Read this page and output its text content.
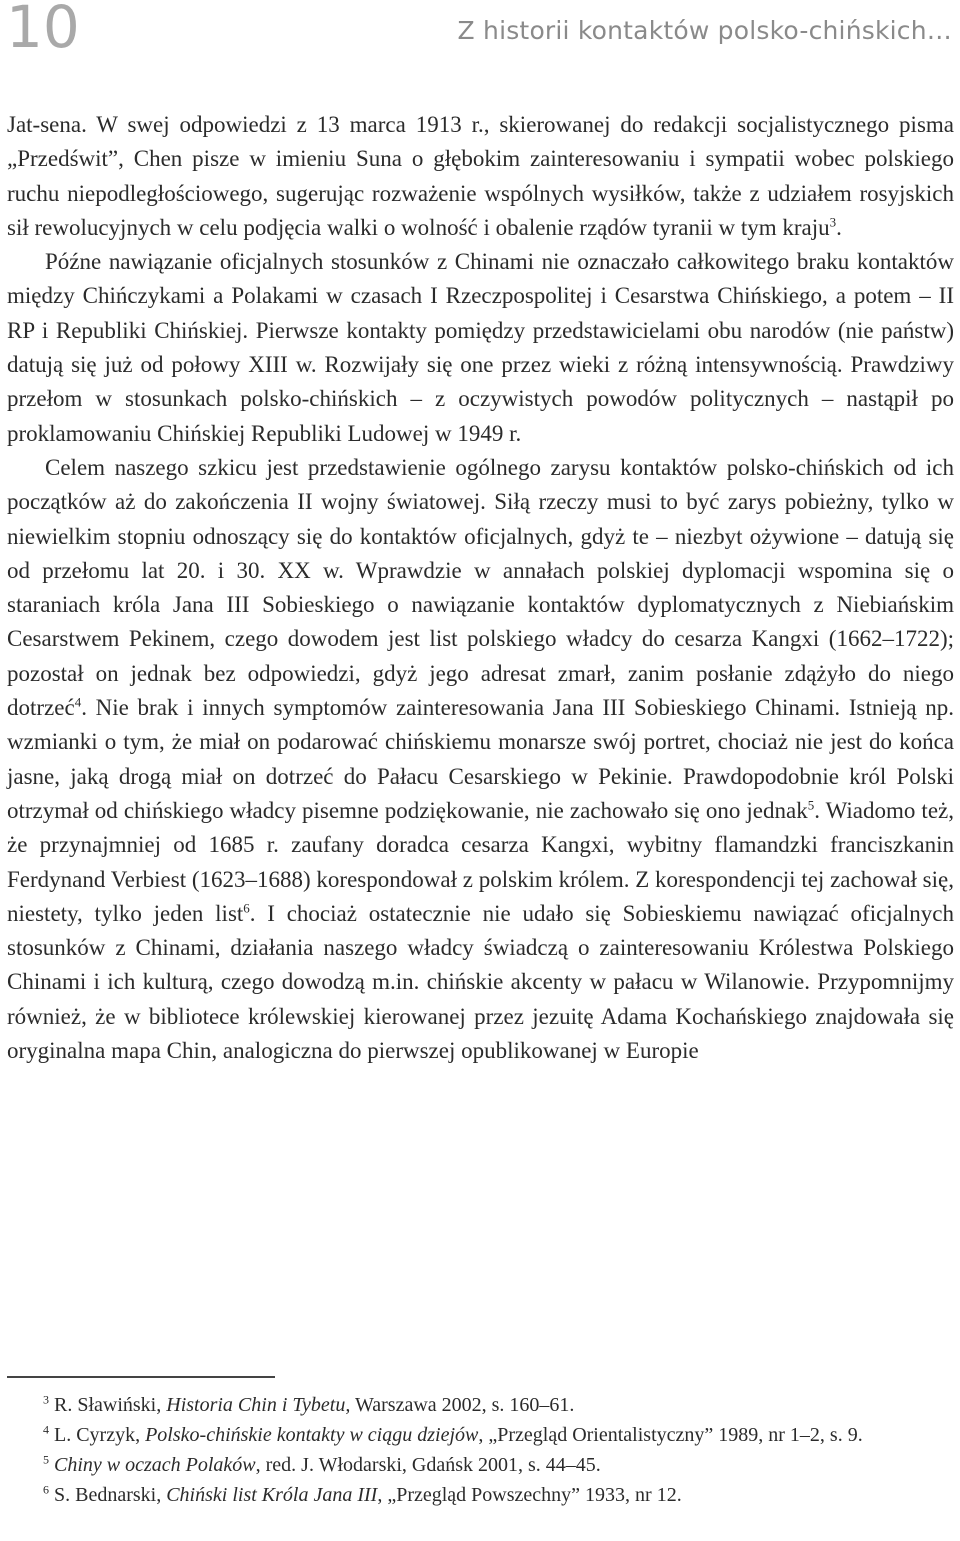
10	Z historii kontaktów polsko-chińskich…

Jat-sena. W swej odpowiedzi z 13 marca 1913 r., skierowanej do redakcji socjalistycznego pisma „Przedświt”, Chen pisze w imieniu Suna o głębokim zainteresowaniu i sympatii wobec polskiego ruchu niepodległościowego, sugerując rozważenie wspólnych wysiłków, także z udziałem rosyjskich sił rewolucyjnych w celu podjęcia walki o wolność i obalenie rządów tyranii w tym kraju$^3$.

Późne nawiązanie oficjalnych stosunków z Chinami nie oznaczało całkowitego braku kontaktów między Chińczykami a Polakami w czasach I Rzeczpospolitej i Cesarstwa Chińskiego, a potem – II RP i Republiki Chińskiej. Pierwsze kontakty pomiędzy przedstawicielami obu narodów (nie państw) datują się już od połowy XIII w. Rozwijały się one przez wieki z różną intensywnością. Prawdziwy przełom w stosunkach polsko-chińskich – z oczywistych powodów politycznych – nastąpił po proklamowaniu Chińskiej Republiki Ludowej w 1949 r.

Celem naszego szkicu jest przedstawienie ogólnego zarysu kontaktów polsko-chińskich od ich początków aż do zakończenia II wojny światowej. Siłą rzeczy musi to być zarys pobieżny, tylko w niewielkim stopniu odnoszący się do kontaktów oficjalnych, gdyż te – niezbyt ożywione – datują się od przełomu lat 20. i 30. XX w. Wprawdzie w annałach polskiej dyplomacji wspomina się o staraniach króla Jana III Sobieskiego o nawiązanie kontaktów dyplomatycznych z Niebiańskim Cesarstwem Pekinem, czego dowodem jest list polskiego władcy do cesarza Kangxi (1662–1722); pozostał on jednak bez odpowiedzi, gdyż jego adresat zmarł, zanim posłanie zdążyło do niego dotrzeć$^4$. Nie brak i innych symptomów zainteresowania Jana III Sobieskiego Chinami. Istnieją np. wzmianki o tym, że miał on podarować chińskiemu monarsze swój portret, chociaż nie jest do końca jasne, jaką drogą miał on dotrzeć do Pałacu Cesarskiego w Pekinie. Prawdopodobnie król Polski otrzymał od chińskiego władcy pisemne podziękowanie, nie zachowało się ono jednak$^5$. Wiadomo też, że przynajmniej od 1685 r. zaufany doradca cesarza Kangxi, wybitny flamandzki franciszkanin Ferdynand Verbiest (1623–1688) korespondował z polskim królem. Z korespondencji tej zachował się, niestety, tylko jeden list$^6$. I chociaż ostatecznie nie udało się Sobieskiemu nawiązać oficjalnych stosunków z Chinami, działania naszego władcy świadczą o zainteresowaniu Królestwa Polskiego Chinami i ich kulturą, czego dowodzą m.in. chińskie akcenty w pałacu w Wilanowie. Przypomnijmy również, że w bibliotece królewskiej kierowanej przez jezuitę Adama Kochańskiego znajdowała się oryginalna mapa Chin, analogiczna do pierwszej opublikowanej w Europie

$^3$ R. Sławiński, Historia Chin i Tybetu, Warszawa 2002, s. 160–61.

$^4$ L. Cyrzyk, Polsko-chińskie kontakty w ciągu dziejów, „Przegląd Orientalistyczny” 1989, nr 1–2, s. 9.

$^5$ Chiny w oczach Polaków, red. J. Włodarski, Gdańsk 2001, s. 44–45.

$^6$ S. Bednarski, Chiński list Króla Jana III, „Przegląd Powszechny” 1933, nr 12.
